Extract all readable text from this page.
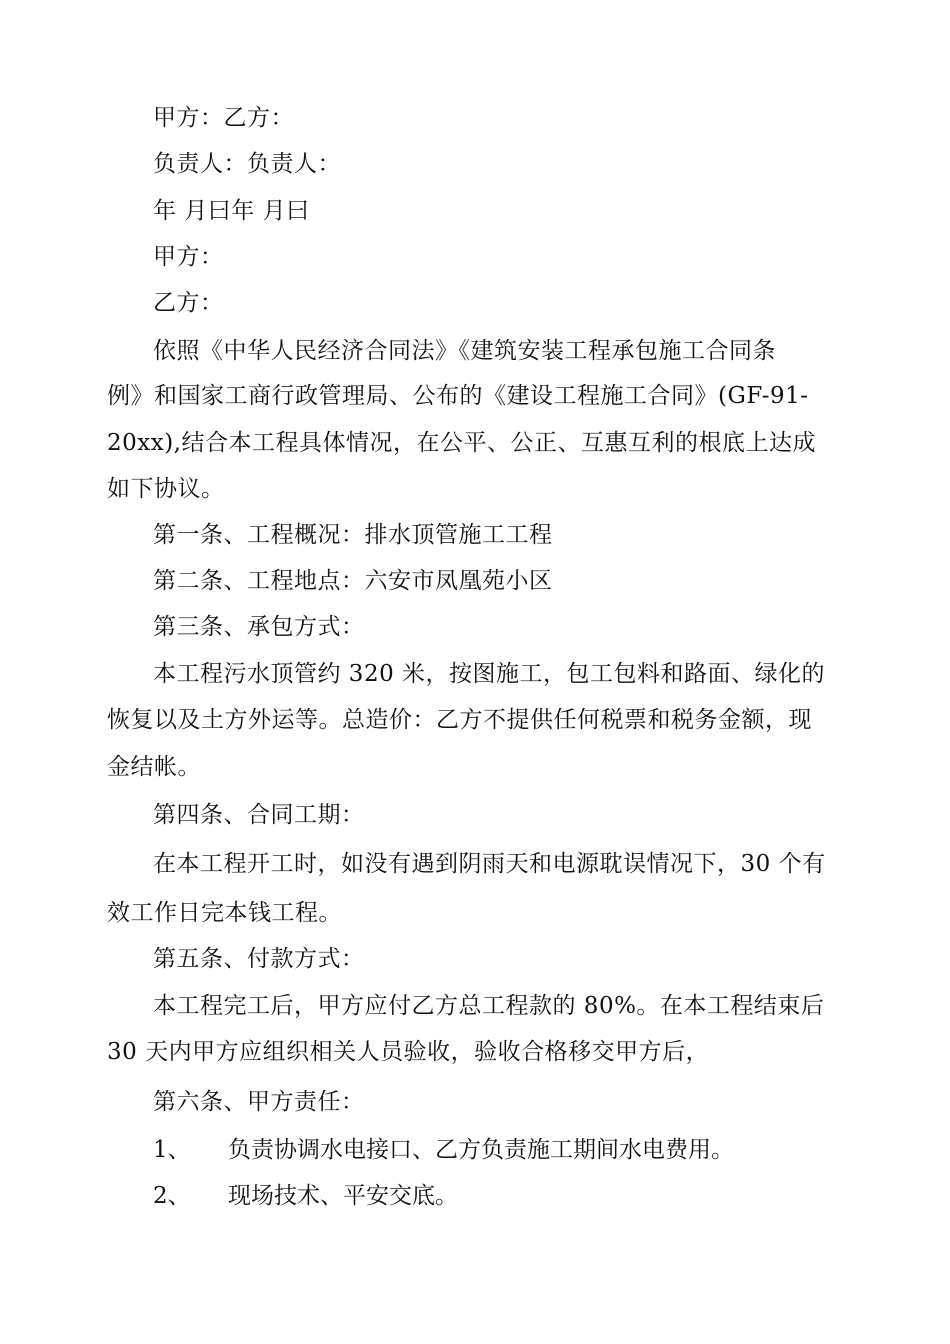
甲方：乙方：
负责人：负责人：
年 月曰年 月曰
甲方：
乙方：
依照《中华人民经济合同法》《建筑安装工程承包施工合同条
例》和国家工商行政管理局、公布的《建设工程施工合同》(GF-91-
20xx),结合本工程具体情况，在公平、公正、互惠互利的根底上达成
如下协议。
第一条、工程概况：排水顶管施工工程
第二条、工程地点：六安市凤凰苑小区
第三条、承包方式：
本工程污水顶管约 320 米，按图施工，包工包料和路面、绿化的
恢复以及土方外运等。总造价：乙方不提供任何税票和税务金额，现
金结帐。
第四条、合同工期：
在本工程开工时，如没有遇到阴雨天和电源耽误情况下，30 个有
效工作日完本钱工程。
第五条、付款方式：
本工程完工后，甲方应付乙方总工程款的 80%。在本工程结束后
30 天内甲方应组织相关人员验收，验收合格移交甲方后，
第六条、甲方责任：
1、 负责协调水电接口、乙方负责施工期间水电费用。
2、 现场技术、平安交底。
